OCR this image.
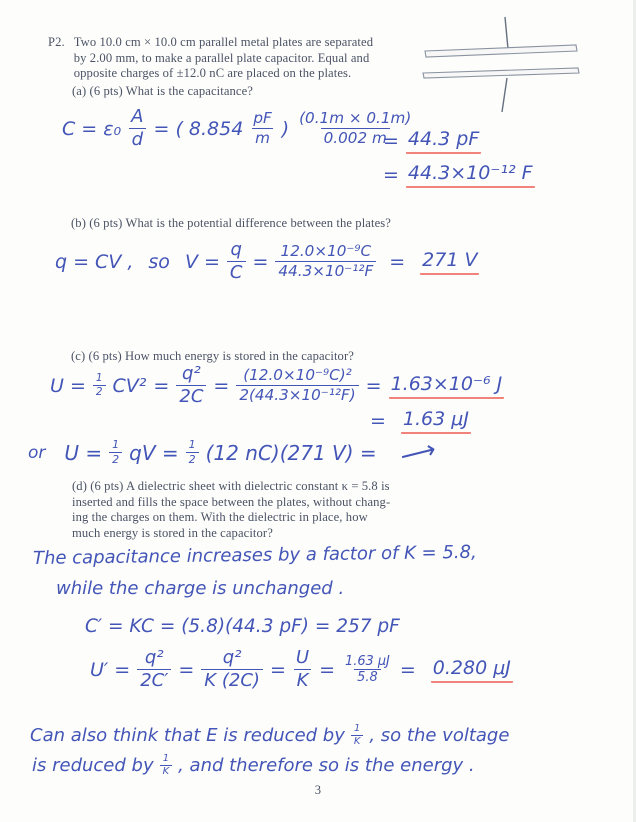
P2. Two 10.0 cm × 10.0 cm parallel metal plates are separated
by 2.00 mm, to make a parallel plate capacitor. Equal and
opposite charges of ±12.0 nC are placed on the plates.
(a) (6 pts) What is the capacitance?
$C = \varepsilon_0 \frac{A}{d}$ = ( $8.854 \frac{pF}{m}$ ) $\frac{(0.1m \times 0.1m)}{0.002 m}$
= 44.3 pF
= 44.3×10⁻¹² F
(b) (6 pts) What is the potential difference between the plates?
q = CV , so $V = \frac{q}{C} = \frac{\text{12.0×10⁻⁹C}}{\text{44.3×10⁻¹²F}} = 271$ V
(c) (6 pts) How much energy is stored in the capacitor?
$U = \frac{1}{2} CV^2 = \frac{\text{q²}}{2C} = \frac{\text{(12.0×10⁻⁹C)²}}{\text{2(44.3×10⁻¹²F)}} = 1.63\times 10^{-6}$ J
= 1.63 μJ
or $U = \frac{1}{2}$ qV = $\frac{1}{2} (12$ nC)(271 V) = ⟶
(d) (6 pts) A dielectric sheet with dielectric constant κ = 5.8 is
inserted and fills the space between the plates, without chang-
ing the charges on them. With the dielectric in place, how
much energy is stored in the capacitor?
The capacitance increases by a factor of K = 5.8,
while the charge is unchanged .
C′ = KC = (5.8)(44.3 pF) = 257 pF
$U' = \frac{\text{q²}}{2C'} = \frac{\text{q²}}{K (2C)} = \frac{U}{K} = \frac{1.63 \mu J}{5.8} = 0.280$ μJ
Can also think that E is reduced by $\frac{1}{K}$ , so the voltage
is reduced by $\frac{1}{K}$ , and therefore so is the energy .
3
